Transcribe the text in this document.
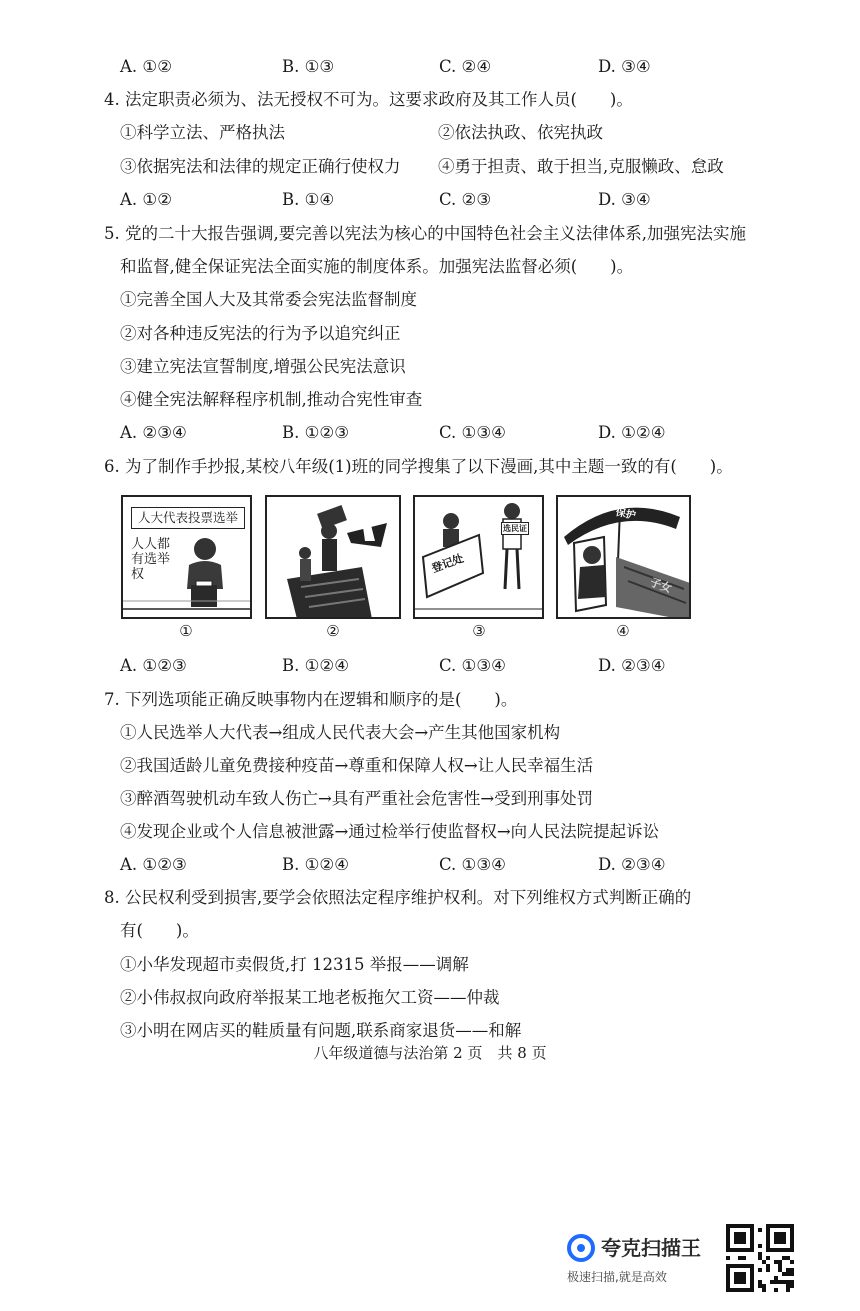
A. ①②	B. ①③	C. ②④	D. ③④
4. 法定职责必须为、法无授权不可为。这要求政府及其工作人员(　　)。
①科学立法、严格执法	②依法执政、依宪执政
③依据宪法和法律的规定正确行使权力 ④勇于担责、敢于担当,克服懒政、怠政
A. ①②	B. ①④	C. ②③	D. ③④
5. 党的二十大报告强调,要完善以宪法为核心的中国特色社会主义法律体系,加强宪法实施
和监督,健全保证宪法全面实施的制度体系。加强宪法监督必须(　　)。
①完善全国人大及其常委会宪法监督制度
②对各种违反宪法的行为予以追究纠正
③建立宪法宣誓制度,增强公民宪法意识
④健全宪法解释程序机制,推动合宪性审查
A. ②③④	B. ①②③	C. ①③④	D. ①②④
6. 为了制作手抄报,某校八年级(1)班的同学搜集了以下漫画,其中主题一致的有(　　)。
人大代表投票选举
人人都
有选举
权	登记处
选民证
保护
子女
①	②	③	④
A. ①②③	B. ①②④	C. ①③④	D. ②③④
7. 下列选项能正确反映事物内在逻辑和顺序的是(　　)。
①人民选举人大代表→组成人民代表大会→产生其他国家机构
②我国适龄儿童免费接种疫苗→尊重和保障人权→让人民幸福生活
③醉酒驾驶机动车致人伤亡→具有严重社会危害性→受到刑事处罚
④发现企业或个人信息被泄露→通过检举行使监督权→向人民法院提起诉讼
A. ①②③	B. ①②④	C. ①③④	D. ②③④
8. 公民权利受到损害,要学会依照法定程序维护权利。对下列维权方式判断正确的
有(　　)。
①小华发现超市卖假货,打 12315 举报——调解
②小伟叔叔向政府举报某工地老板拖欠工资——仲裁
③小明在网店买的鞋质量有问题,联系商家退货——和解
八年级道德与法治第 2 页　共 8 页
夸克扫描王
极速扫描,就是高效
